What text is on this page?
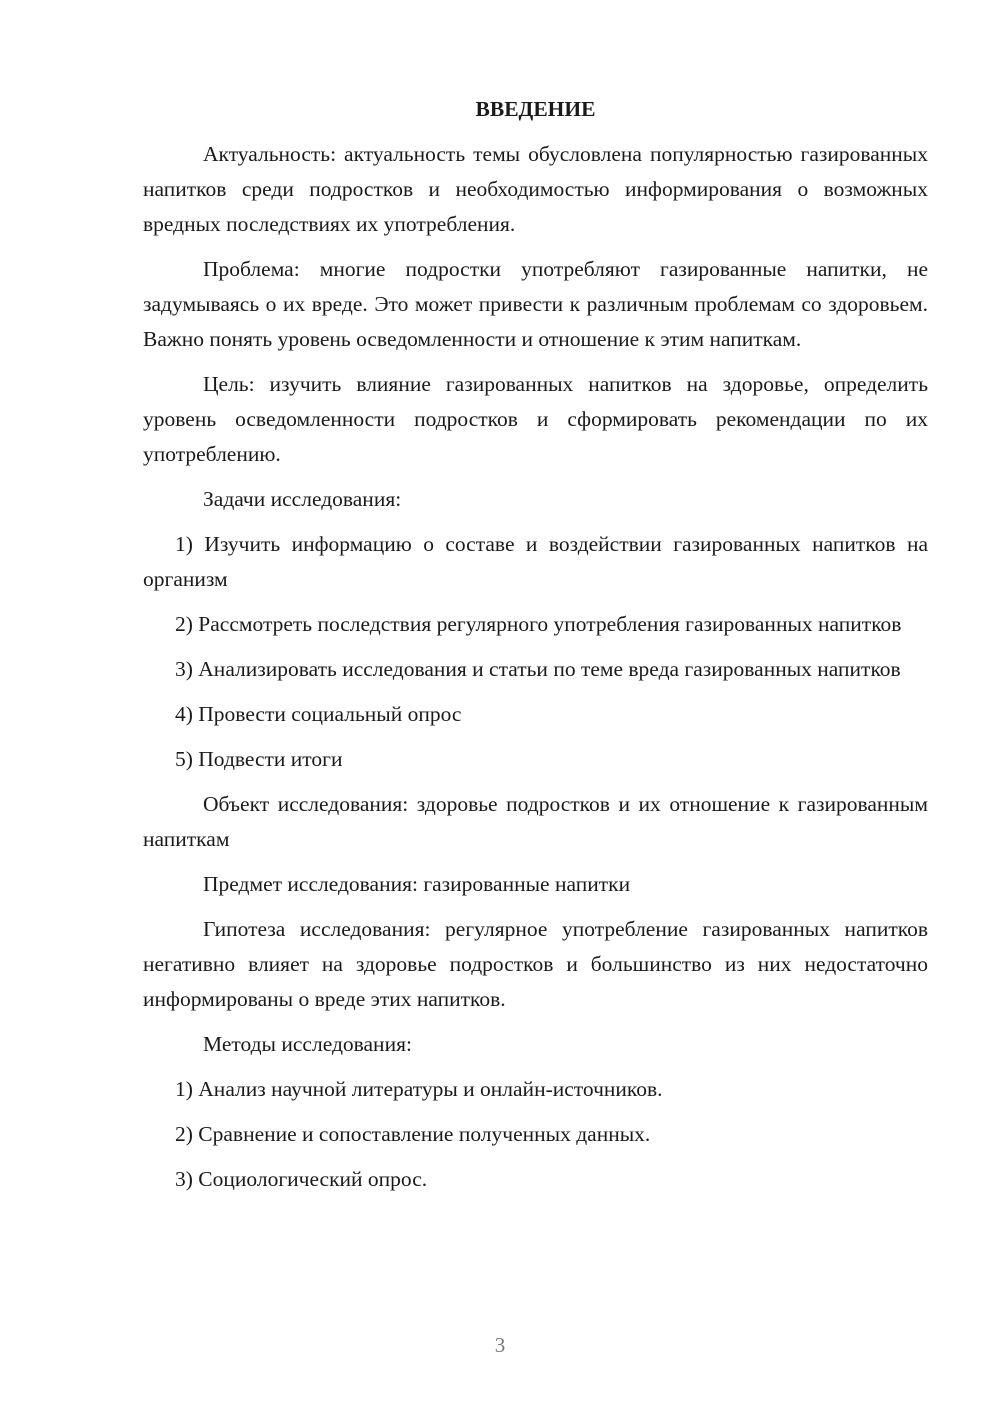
ВВЕДЕНИЕ

Актуальность: актуальность темы обусловлена популярностью газированных напитков среди подростков и необходимостью информирования о возможных вредных последствиях их употребления.

Проблема: многие подростки употребляют газированные напитки, не задумываясь о их вреде. Это может привести к различным проблемам со здоровьем. Важно понять уровень осведомленности и отношение к этим напиткам.

Цель: изучить влияние газированных напитков на здоровье, определить уровень осведомленности подростков и сформировать рекомендации по их употреблению.

Задачи исследования:

1) Изучить информацию о составе и воздействии газированных напитков на организм

2) Рассмотреть последствия регулярного употребления газированных напитков

3) Анализировать исследования и статьи по теме вреда газированных напитков

4) Провести социальный опрос

5) Подвести итоги

Объект исследования: здоровье подростков и их отношение к газированным напиткам

Предмет исследования: газированные напитки

Гипотеза исследования: регулярное употребление газированных напитков негативно влияет на здоровье подростков и большинство из них недостаточно информированы о вреде этих напитков.

Методы исследования:

1) Анализ научной литературы и онлайн-источников.

2) Сравнение и сопоставление полученных данных.

3) Социологический опрос.

3
